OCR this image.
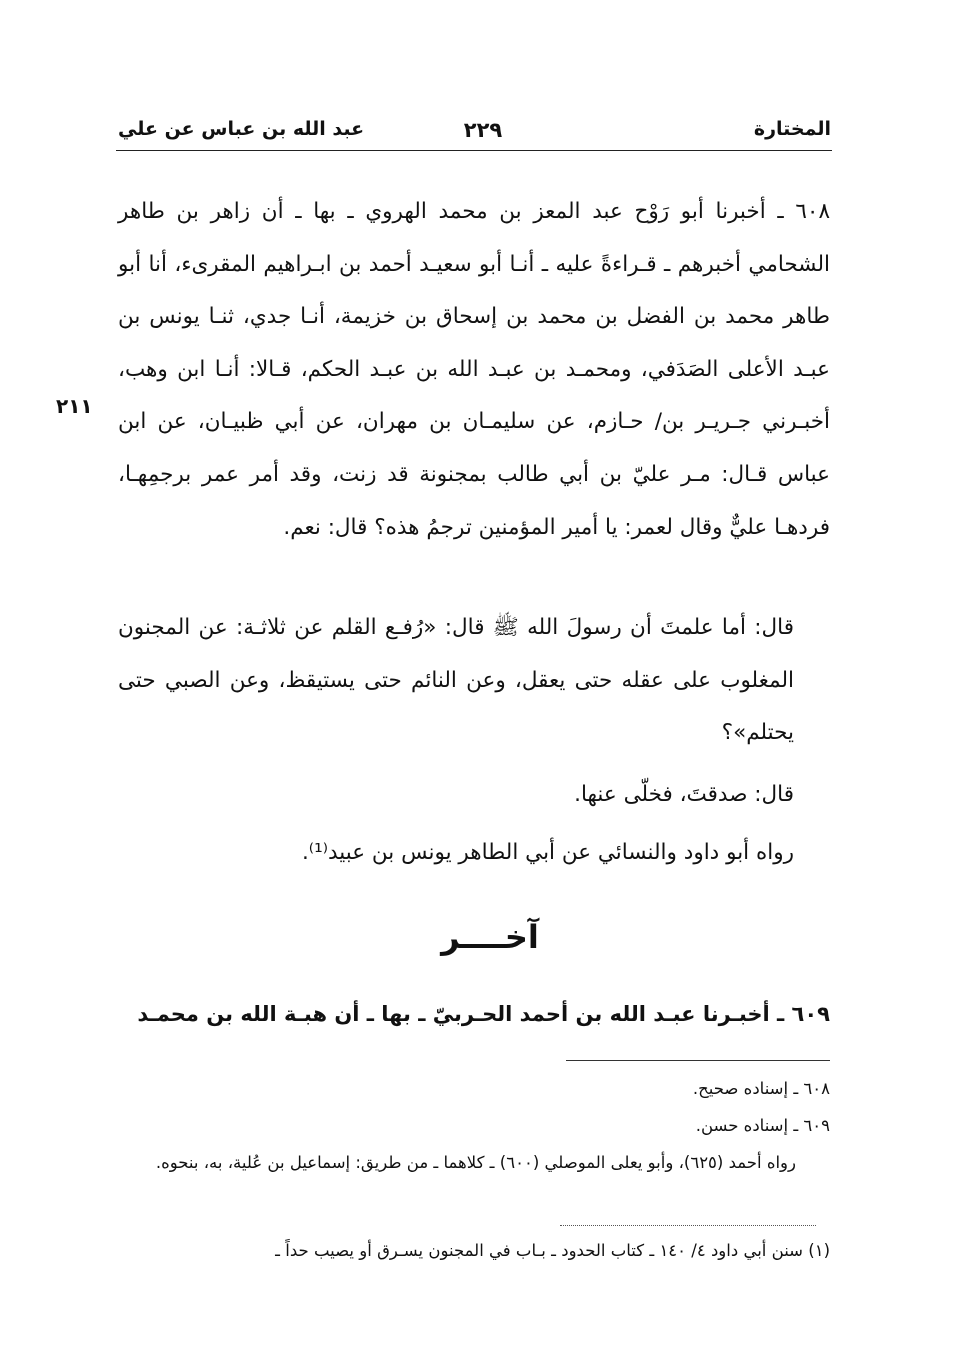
المختارة
٢٢٩
عبد الله بن عباس عن علي
٢١١

٦٠٨ ـ أخبرنا أبو رَوْح عبد المعز بن محمد الهروي ـ بها ـ أن زاهر بن طاهر الشحامي أخبرهم ـ قـراءةً عليه ـ أنـا أبو سعيـد أحمد بن ابـراهيم المقرىء، أنا أبو طاهر محمد بن الفضل بن محمد بن إسحاق بن خزيمة، أنـا جدي، ثنـا يونس بن عبـد الأعلى الصَدَفي، ومحمـد بن عبـد الله بن عبـد الحكم، قـالا: أنـا ابن وهب، أخبـرني جـريـر بن/ حـازم، عن سليمـان بن مهران، عن أبي ظبيـان، عن ابن عباس قـال: مـر عليّ بن أبي طالب بمجنونة قد زنت، وقد أمر عمر برجمِهـا، فردهـا عليٌّ وقال لعمر: يا أمير المؤمنين ترجمُ هذه؟ قال: نعم.

قال: أما علمتَ أن رسولَ الله ﷺ قال: «رُفـع القلم عن ثلاثـة: عن المجنون المغلوب على عقله حتى يعقل، وعن النائم حتى يستيقظ، وعن الصبي حتى يحتلم»؟

قال: صدقتَ، فخلّى عنها.

رواه أبو داود والنسائي عن أبي الطاهر يونس بن عبيد⁽¹⁾.

آخــــر

٦٠٩ ـ أخبـرنا عبـد الله بن أحمد الحـربيّ ـ بها ـ أن هبـة الله بن محمـد

٦٠٨ ـ إسناده صحيح.

٦٠٩ ـ إسناده حسن.

رواه أحمد (٦٢٥)، وأبو يعلى الموصلي (٦٠٠) ـ كلاهما ـ من طريق: إسماعيل بن عُلية، به، بنحوه.

(١) سنن أبي داود ٤/ ١٤٠ ـ كتاب الحدود ـ بـاب في المجنون يسـرق أو يصيب حداً ـ
